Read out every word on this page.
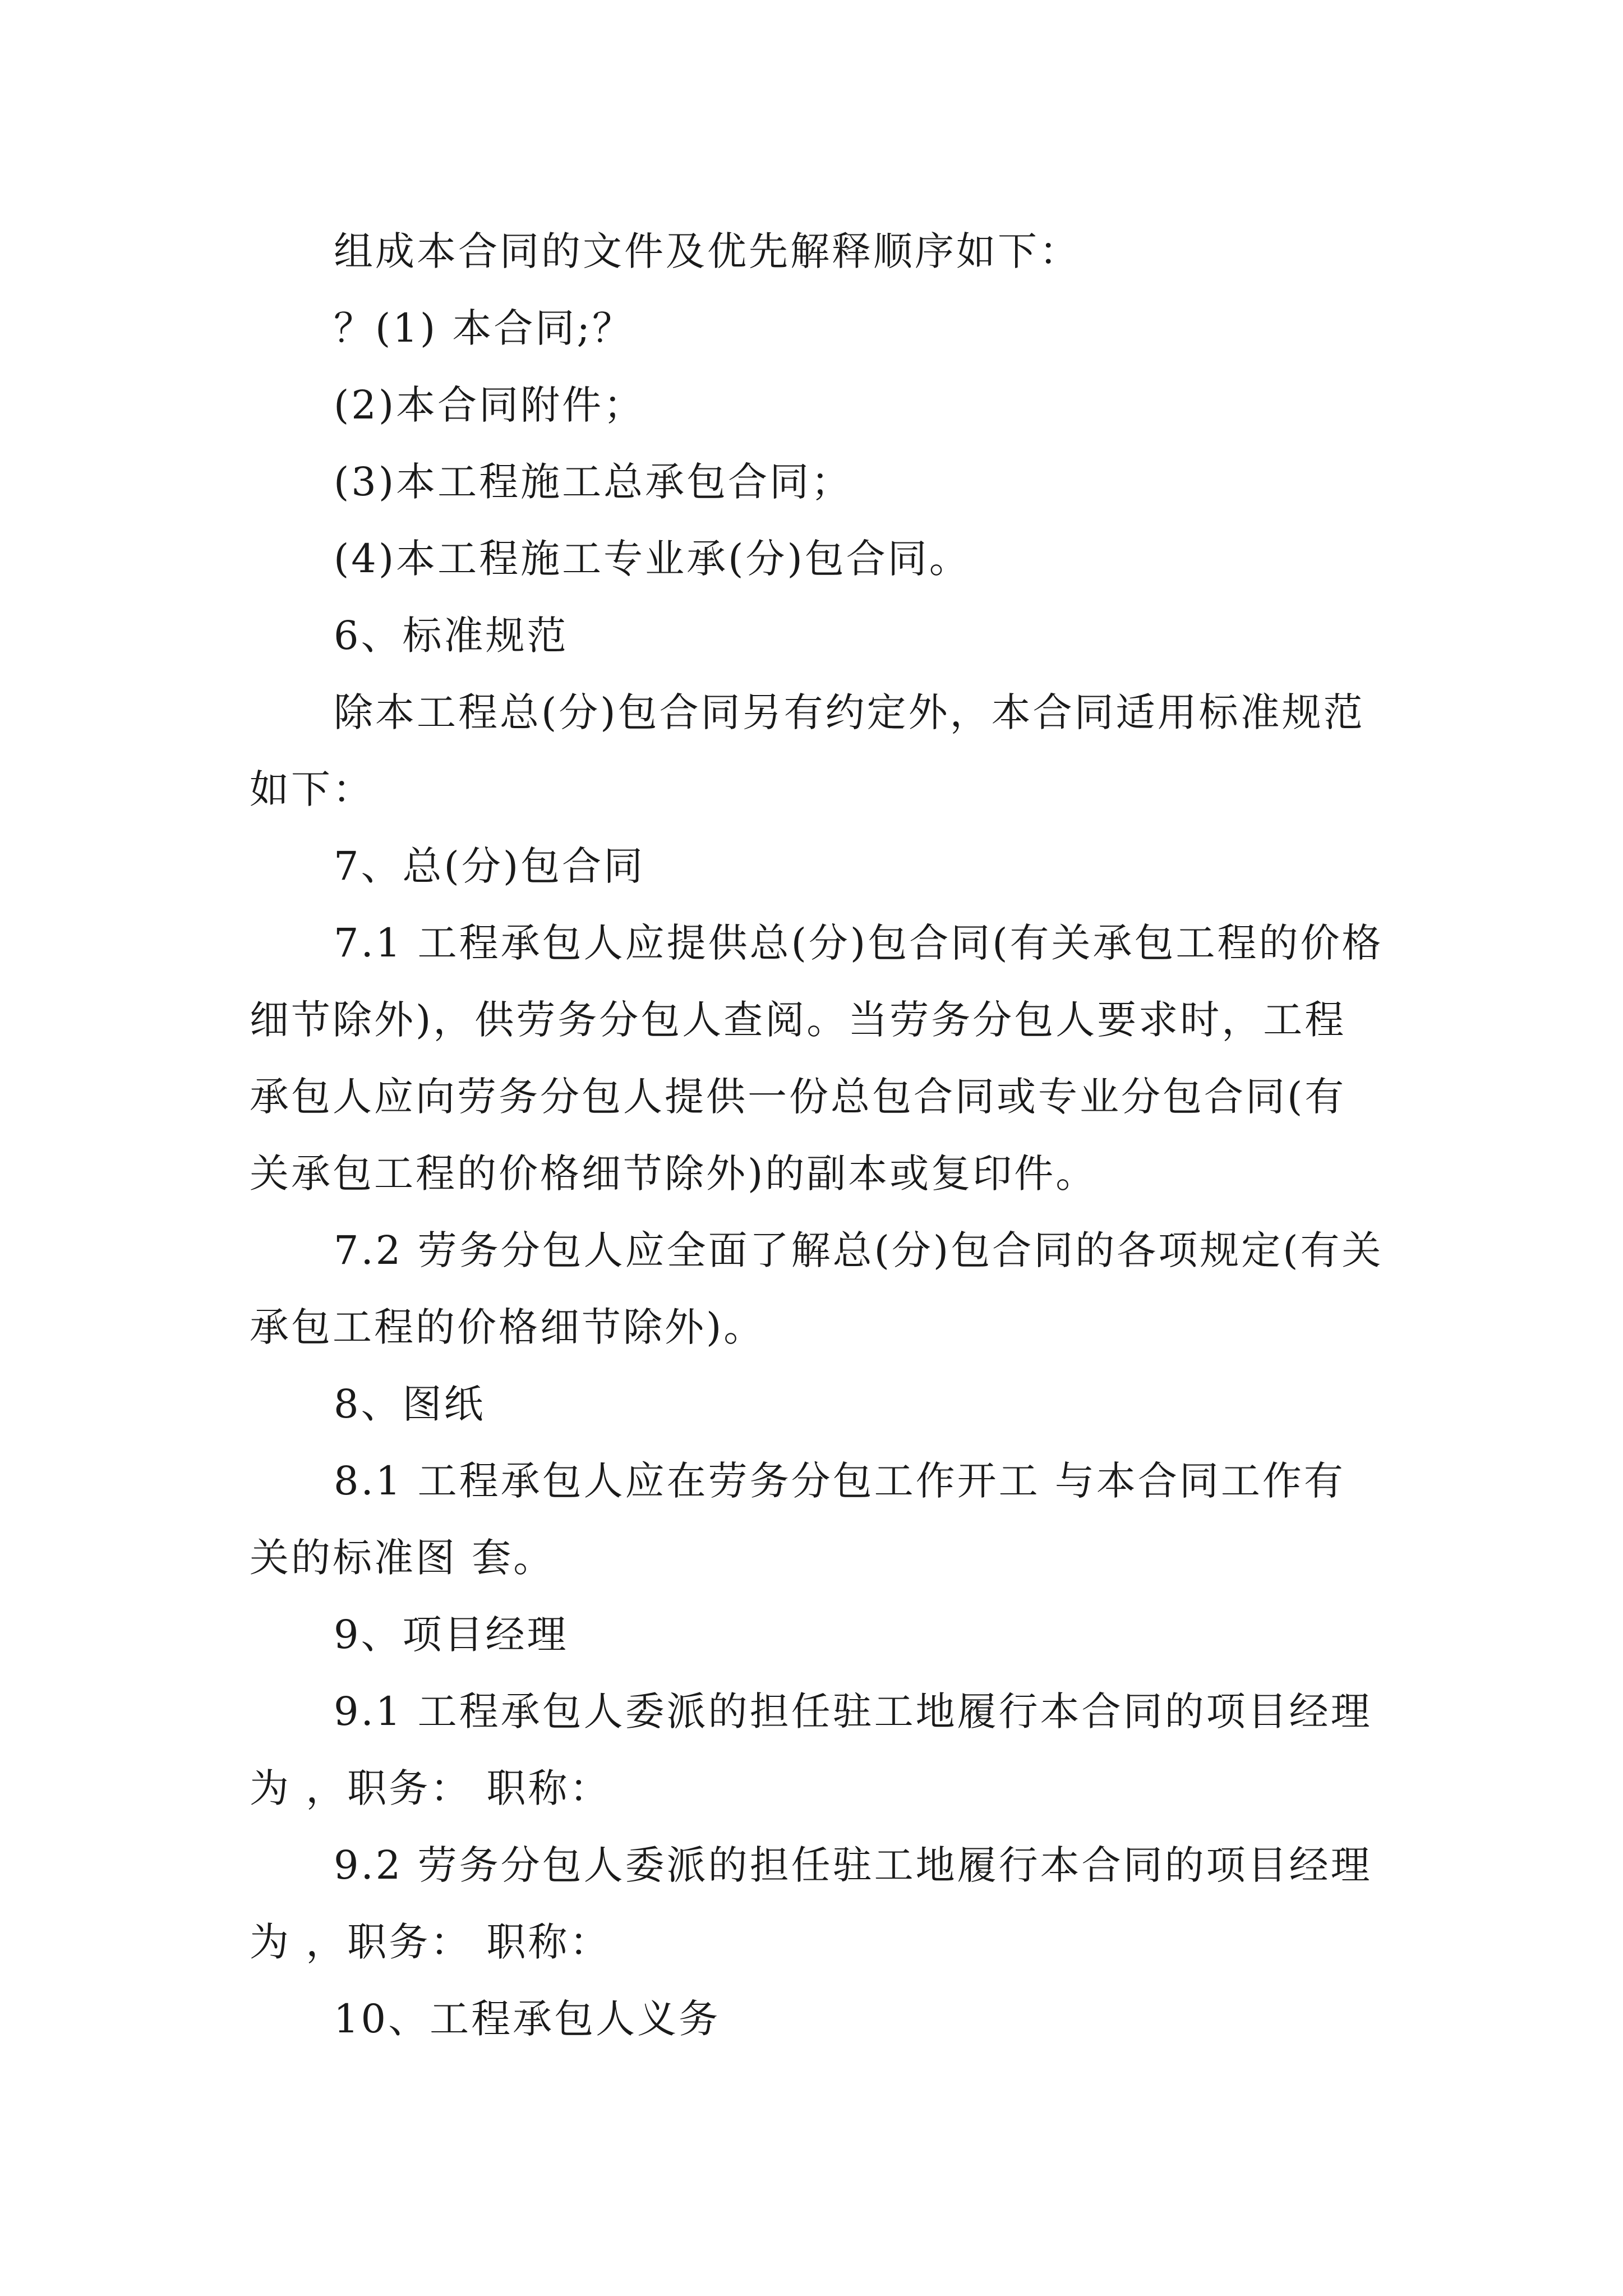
组成本合同的文件及优先解释顺序如下：

？(1) 本合同;？

(2)本合同附件；

(3)本工程施工总承包合同；

(4)本工程施工专业承(分)包合同。

6、标准规范

除本工程总(分)包合同另有约定外，本合同适用标准规范如下：

7、总(分)包合同

7.1 工程承包人应提供总(分)包合同(有关承包工程的价格细节除外)，供劳务分包人查阅。当劳务分包人要求时，工程承包人应向劳务分包人提供一份总包合同或专业分包合同(有关承包工程的价格细节除外)的副本或复印件。

7.2 劳务分包人应全面了解总(分)包合同的各项规定(有关承包工程的价格细节除外)。

8、图纸

8.1 工程承包人应在劳务分包工作开工 与本合同工作有关的标准图 套。

9、项目经理

9.1 工程承包人委派的担任驻工地履行本合同的项目经理为 ，职务： 职称：

9.2 劳务分包人委派的担任驻工地履行本合同的项目经理为 ，职务： 职称：

10、工程承包人义务
